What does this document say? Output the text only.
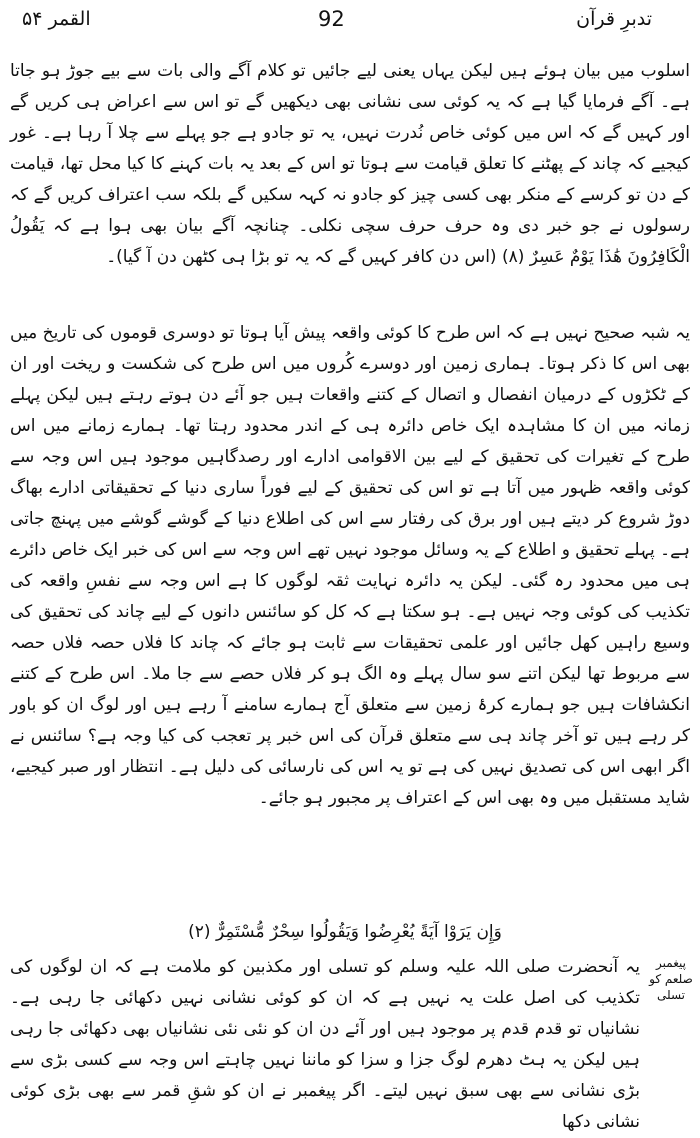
تدبرِ قرآن
92
القمر ۵۴

اسلوب میں بیان ہوئے ہیں لیکن یہاں یعنی لیے جائیں تو کلام آگے والی بات سے بیے جوڑ ہو جاتا ہے۔ آگے فرمایا گیا ہے کہ یہ کوئی سی نشانی بھی دیکھیں گے تو اس سے اعراض ہی کریں گے اور کہیں گے کہ اس میں کوئی خاص نُدرت نہیں، یہ تو جادو ہے جو پہلے سے چلا آ رہا ہے۔ غور کیجیے کہ چاند کے پھٹنے کا تعلق قیامت سے ہوتا تو اس کے بعد یہ بات کہنے کا کیا محل تھا، قیامت کے دن تو کرسے کے منکر بھی کسی چیز کو جادو نہ کہہ سکیں گے بلکہ سب اعتراف کریں گے کہ رسولوں نے جو خبر دی وہ حرف حرف سچی نکلی۔ چنانچہ آگے بیان بھی ہوا ہے کہ يَقُولُ الْكَافِرُونَ هَٰذَا يَوْمٌ عَسِرٌ (۸) (اس دن کافر کہیں گے کہ یہ تو بڑا ہی کٹھن دن آ گیا)۔

یہ شبہ صحیح نہیں ہے کہ اس طرح کا کوئی واقعہ پیش آیا ہوتا تو دوسری قوموں کی تاریخ میں بھی اس کا ذکر ہوتا۔ ہماری زمین اور دوسرے کُروں میں اس طرح کی شکست و ریخت اور ان کے ٹکڑوں کے درمیان انفصال و اتصال کے کتنے واقعات ہیں جو آئے دن ہوتے رہتے ہیں لیکن پہلے زمانہ میں ان کا مشاہدہ ایک خاص دائرہ ہی کے اندر محدود رہتا تھا۔ ہمارے زمانے میں اس طرح کے تغیرات کی تحقیق کے لیے بین الاقوامی ادارے اور رصدگاہیں موجود ہیں اس وجہ سے کوئی واقعہ ظہور میں آتا ہے تو اس کی تحقیق کے لیے فوراً ساری دنیا کے تحقیقاتی ادارے بھاگ دوڑ شروع کر دیتے ہیں اور برق کی رفتار سے اس کی اطلاع دنیا کے گوشے گوشے میں پہنچ جاتی ہے۔ پہلے تحقیق و اطلاع کے یہ وسائل موجود نہیں تھے اس وجہ سے اس کی خبر ایک خاص دائرے ہی میں محدود رہ گئی۔ لیکن یہ دائرہ نہایت ثقہ لوگوں کا ہے اس وجہ سے نفسِ واقعہ کی تکذیب کی کوئی وجہ نہیں ہے۔ ہو سکتا ہے کہ کل کو سائنس دانوں کے لیے چاند کی تحقیق کی وسیع راہیں کھل جائیں اور علمی تحقیقات سے ثابت ہو جائے کہ چاند کا فلاں حصہ فلاں حصہ سے مربوط تھا لیکن اتنے سو سال پہلے وہ الگ ہو کر فلاں حصے سے جا ملا۔ اس طرح کے کتنے انکشافات ہیں جو ہمارے کرۂ زمین سے متعلق آج ہمارے سامنے آ رہے ہیں اور لوگ ان کو باور کر رہے ہیں تو آخر چاند ہی سے متعلق قرآن کی اس خبر پر تعجب کی کیا وجہ ہے؟ سائنس نے اگر ابھی اس کی تصدیق نہیں کی ہے تو یہ اس کی نارسائی کی دلیل ہے۔ انتظار اور صبر کیجیے، شاید مستقبل میں وہ بھی اس کے اعتراف پر مجبور ہو جائے۔

وَإِن يَرَوْا آيَةً يُعْرِضُوا وَيَقُولُوا سِحْرٌ مُّسْتَمِرٌّ (۲)
پیغمبر صلعم کو تسلی

یہ آنحضرت صلی اللہ علیہ وسلم کو تسلی اور مکذبین کو ملامت ہے کہ ان لوگوں کی تکذیب کی اصل علت یہ نہیں ہے کہ ان کو کوئی نشانی نہیں دکھائی جا رہی ہے۔ نشانیاں تو قدم قدم پر موجود ہیں اور آئے دن ان کو نئی نئی نشانیاں بھی دکھائی جا رہی ہیں لیکن یہ ہٹ دھرم لوگ جزا و سزا کو ماننا نہیں چاہتے اس وجہ سے کسی بڑی سے بڑی نشانی سے بھی سبق نہیں لیتے۔ اگر پیغمبر نے ان کو شقِ قمر سے بھی بڑی کوئی نشانی دکھا
